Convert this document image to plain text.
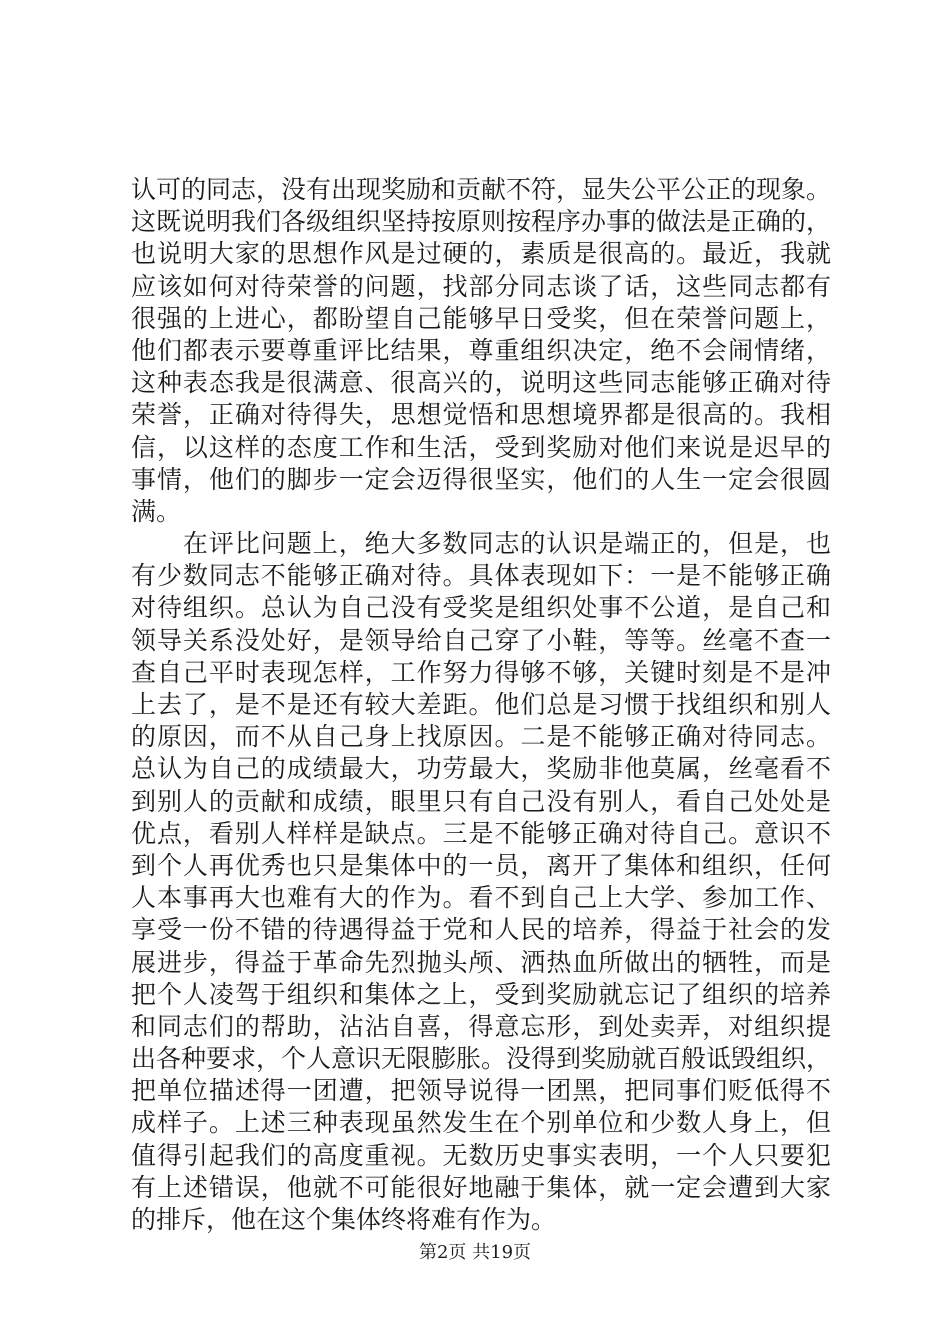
认可的同志，没有出现奖励和贡献不符，显失公平公正的现象。
这既说明我们各级组织坚持按原则按程序办事的做法是正确的，
也说明大家的思想作风是过硬的，素质是很高的。最近，我就
应该如何对待荣誉的问题，找部分同志谈了话，这些同志都有
很强的上进心，都盼望自己能够早日受奖，但在荣誉问题上，
他们都表示要尊重评比结果，尊重组织决定，绝不会闹情绪，
这种表态我是很满意、很高兴的，说明这些同志能够正确对待
荣誉，正确对待得失，思想觉悟和思想境界都是很高的。我相
信，以这样的态度工作和生活，受到奖励对他们来说是迟早的
事情，他们的脚步一定会迈得很坚实，他们的人生一定会很圆
满。
　　在评比问题上，绝大多数同志的认识是端正的，但是，也
有少数同志不能够正确对待。具体表现如下：一是不能够正确
对待组织。总认为自己没有受奖是组织处事不公道，是自己和
领导关系没处好，是领导给自己穿了小鞋，等等。丝毫不查一
查自己平时表现怎样，工作努力得够不够，关键时刻是不是冲
上去了，是不是还有较大差距。他们总是习惯于找组织和别人
的原因，而不从自己身上找原因。二是不能够正确对待同志。
总认为自己的成绩最大，功劳最大，奖励非他莫属，丝毫看不
到别人的贡献和成绩，眼里只有自己没有别人，看自己处处是
优点，看别人样样是缺点。三是不能够正确对待自己。意识不
到个人再优秀也只是集体中的一员，离开了集体和组织，任何
人本事再大也难有大的作为。看不到自己上大学、参加工作、
享受一份不错的待遇得益于党和人民的培养，得益于社会的发
展进步，得益于革命先烈抛头颅、洒热血所做出的牺牲，而是
把个人凌驾于组织和集体之上，受到奖励就忘记了组织的培养
和同志们的帮助，沾沾自喜，得意忘形，到处卖弄，对组织提
出各种要求，个人意识无限膨胀。没得到奖励就百般诋毁组织，
把单位描述得一团遭，把领导说得一团黑，把同事们贬低得不
成样子。上述三种表现虽然发生在个别单位和少数人身上，但
值得引起我们的高度重视。无数历史事实表明，一个人只要犯
有上述错误，他就不可能很好地融于集体，就一定会遭到大家
的排斥，他在这个集体终将难有作为。
第2页 共19页
